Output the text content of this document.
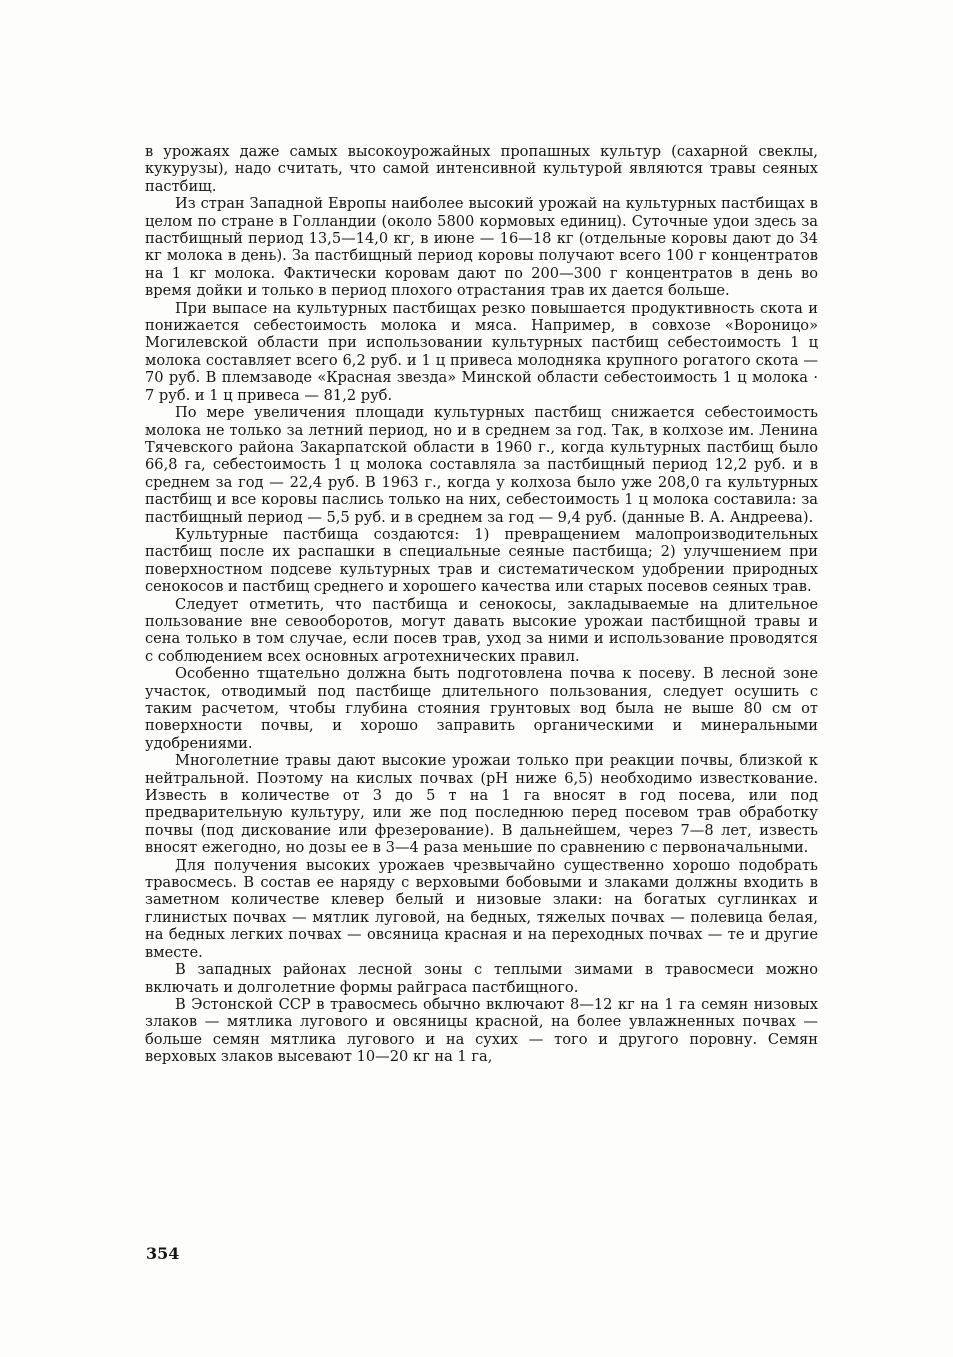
в урожаях даже самых высокоурожайных пропашных культур (сахарной свеклы, кукурузы), надо считать, что самой интенсивной культурой являются травы сеяных пастбищ.

Из стран Западной Европы наиболее высокий урожай на культурных пастбищах в целом по стране в Голландии (около 5800 кормовых единиц). Суточные удои здесь за пастбищный период 13,5—14,0 кг, в июне — 16—18 кг (отдельные коровы дают до 34 кг молока в день). За пастбищный период коровы получают всего 100 г концентратов на 1 кг молока. Фактически коровам дают по 200—300 г концентратов в день во время дойки и только в период плохого отрастания трав их дается больше.

При выпасе на культурных пастбищах резко повышается продуктивность скота и понижается себестоимость молока и мяса. Например, в совхозе «Вороницо» Могилевской области при использовании культурных пастбищ себестоимость 1 ц молока составляет всего 6,2 руб. и 1 ц привеса молодняка крупного рогатого скота — 70 руб. В племзаводе «Красная звезда» Минской области себестоимость 1 ц молока · 7 руб. и 1 ц привеса — 81,2 руб.

По мере увеличения площади культурных пастбищ снижается себестоимость молока не только за летний период, но и в среднем за год. Так, в колхозе им. Ленина Тячевского района Закарпатской области в 1960 г., когда культурных пастбищ было 66,8 га, себестоимость 1 ц молока составляла за пастбищный период 12,2 руб. и в среднем за год — 22,4 руб. В 1963 г., когда у колхоза было уже 208,0 га культурных пастбищ и все коровы паслись только на них, себестоимость 1 ц молока составила: за пастбищный период — 5,5 руб. и в среднем за год — 9,4 руб. (данные В. А. Андреева).

Культурные пастбища создаются: 1) превращением малопроизводительных пастбищ после их распашки в специальные сеяные пастбища; 2) улучшением при поверхностном подсеве культурных трав и систематическом удобрении природных сенокосов и пастбищ среднего и хорошего качества или старых посевов сеяных трав.

Следует отметить, что пастбища и сенокосы, закладываемые на длительное пользование вне севооборотов, могут давать высокие урожаи пастбищной травы и сена только в том случае, если посев трав, уход за ними и использование проводятся с соблюдением всех основных агротехнических правил.

Особенно тщательно должна быть подготовлена почва к посеву. В лесной зоне участок, отводимый под пастбище длительного пользования, следует осушить с таким расчетом, чтобы глубина стояния грунтовых вод была не выше 80 см от поверхности почвы, и хорошо заправить органическими и минеральными удобрениями.

Многолетние травы дают высокие урожаи только при реакции почвы, близкой к нейтральной. Поэтому на кислых почвах (pH ниже 6,5) необходимо известкование. Известь в количестве от 3 до 5 т на 1 га вносят в год посева, или под предварительную культуру, или же под последнюю перед посевом трав обработку почвы (под дискование или фрезерование). В дальнейшем, через 7—8 лет, известь вносят ежегодно, но дозы ее в 3—4 раза меньшие по сравнению с первоначальными.

Для получения высоких урожаев чрезвычайно существенно хорошо подобрать травосмесь. В состав ее наряду с верховыми бобовыми и злаками должны входить в заметном количестве клевер белый и низовые злаки: на богатых суглинках и глинистых почвах — мятлик луговой, на бедных, тяжелых почвах — полевица белая, на бедных легких почвах — овсяница красная и на переходных почвах — те и другие вместе.

В западных районах лесной зоны с теплыми зимами в травосмеси можно включать и долголетние формы райграса пастбищного.

В Эстонской ССР в травосмесь обычно включают 8—12 кг на 1 га семян низовых злаков — мятлика лугового и овсяницы красной, на более увлажненных почвах — больше семян мятлика лугового и на сухих — того и другого поровну. Семян верховых злаков высевают 10—20 кг на 1 га,

354
